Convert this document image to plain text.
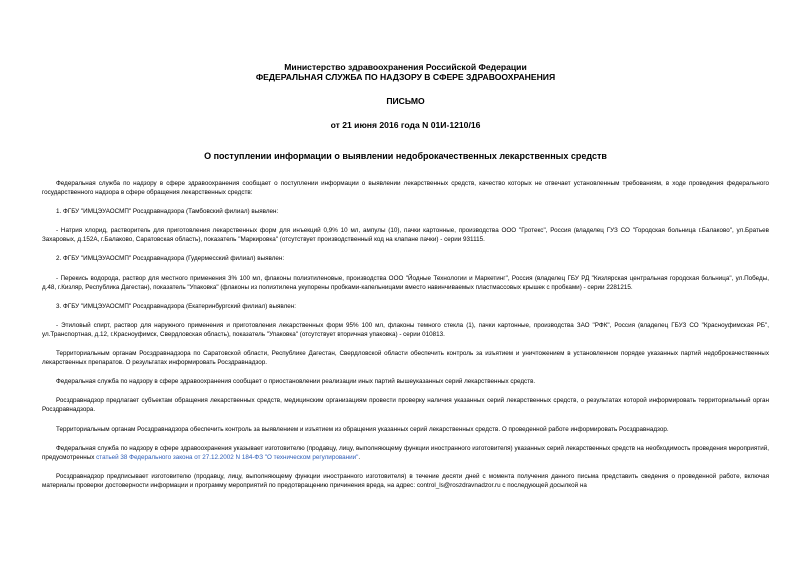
Министерство здравоохранения Российской Федерации
ФЕДЕРАЛЬНАЯ СЛУЖБА ПО НАДЗОРУ В СФЕРЕ ЗДРАВООХРАНЕНИЯ
ПИСЬМО
от 21 июня 2016 года N 01И-1210/16
О поступлении информации о выявлении недоброкачественных лекарственных средств

Федеральная служба по надзору в сфере здравоохранения сообщает о поступлении информации о выявлении лекарственных средств, качество которых не отвечает установленным требованиям, в ходе проведения федерального государственного надзора в сфере обращения лекарственных средств:

1. ФГБУ "ИМЦЭУАОСМП" Росздравнадзора (Тамбовский филиал) выявлен:

- Натрия хлорид, растворитель для приготовления лекарственных форм для инъекций 0,9% 10 мл, ампулы (10), пачки картонные, производства ООО "Гротекс", Россия (владелец ГУЗ СО "Городская больница г.Балаково", ул.Братьев Захаровых, д.152А, г.Балаково, Саратовская область), показатель "Маркировка" (отсутствует производственный код на клапане пачки) - серии 931115.

2. ФГБУ "ИМЦЭУАОСМП" Росздравнадзора (Гудермесский филиал) выявлен:

- Перекись водорода, раствор для местного применения 3% 100 мл, флаконы полиэтиленовые, производства ООО "Йодные Технологии и Маркетинг", Россия (владелец ГБУ РД "Кизлярская центральная городская больница", ул.Победы, д.48, г.Кизляр, Республика Дагестан), показатель "Упаковка" (флаконы из полиэтилена укупорены пробками-капельницами вместо навинчиваемых пластмассовых крышек с пробками) - серии 2281215.

3. ФГБУ "ИМЦЭУАОСМП" Росздравнадзора (Екатеринбургский филиал) выявлен:

- Этиловый спирт, раствор для наружного применения и приготовления лекарственных форм 95% 100 мл, флаконы темного стекла (1), пачки картонные, производства ЗАО "РФК", Россия (владелец ГБУЗ СО "Красноуфимская РБ", ул.Транспортная, д.12, г.Красноуфимск, Свердловская область), показатель "Упаковка" (отсутствует вторичная упаковка) - серии 010813.

Территориальным органам Росздравнадзора по Саратовской области, Республике Дагестан, Свердловской области обеспечить контроль за изъятием и уничтожением в установленном порядке указанных партий недоброкачественных лекарственных препаратов. О результатах информировать Росздравнадзор.

Федеральная служба по надзору в сфере здравоохранения сообщает о приостановлении реализации иных партий вышеуказанных серий лекарственных средств.

Росздравнадзор предлагает субъектам обращения лекарственных средств, медицинским организациям провести проверку наличия указанных серий лекарственных средств, о результатах которой информировать территориальный орган Росздравнадзора.

Территориальным органам Росздравнадзора обеспечить контроль за выявлением и изъятием из обращения указанных серий лекарственных средств. О проведенной работе информировать Росздравнадзор.

Федеральная служба по надзору в сфере здравоохранения указывает изготовителю (продавцу, лицу, выполняющему функции иностранного изготовителя) указанных серий лекарственных средств на необходимость проведения мероприятий, предусмотренных статьей 38 Федерального закона от 27.12.2002 N 184-ФЗ "О техническом регулировании".

Росздравнадзор предписывает изготовителю (продавцу, лицу, выполняющему функции иностранного изготовителя) в течение десяти дней с момента получения данного письма представить сведения о проведенной работе, включая материалы проверки достоверности информации и программу мероприятий по предотвращению причинения вреда, на адрес: control_ls@roszdravnadzor.ru с последующей досылкой на
